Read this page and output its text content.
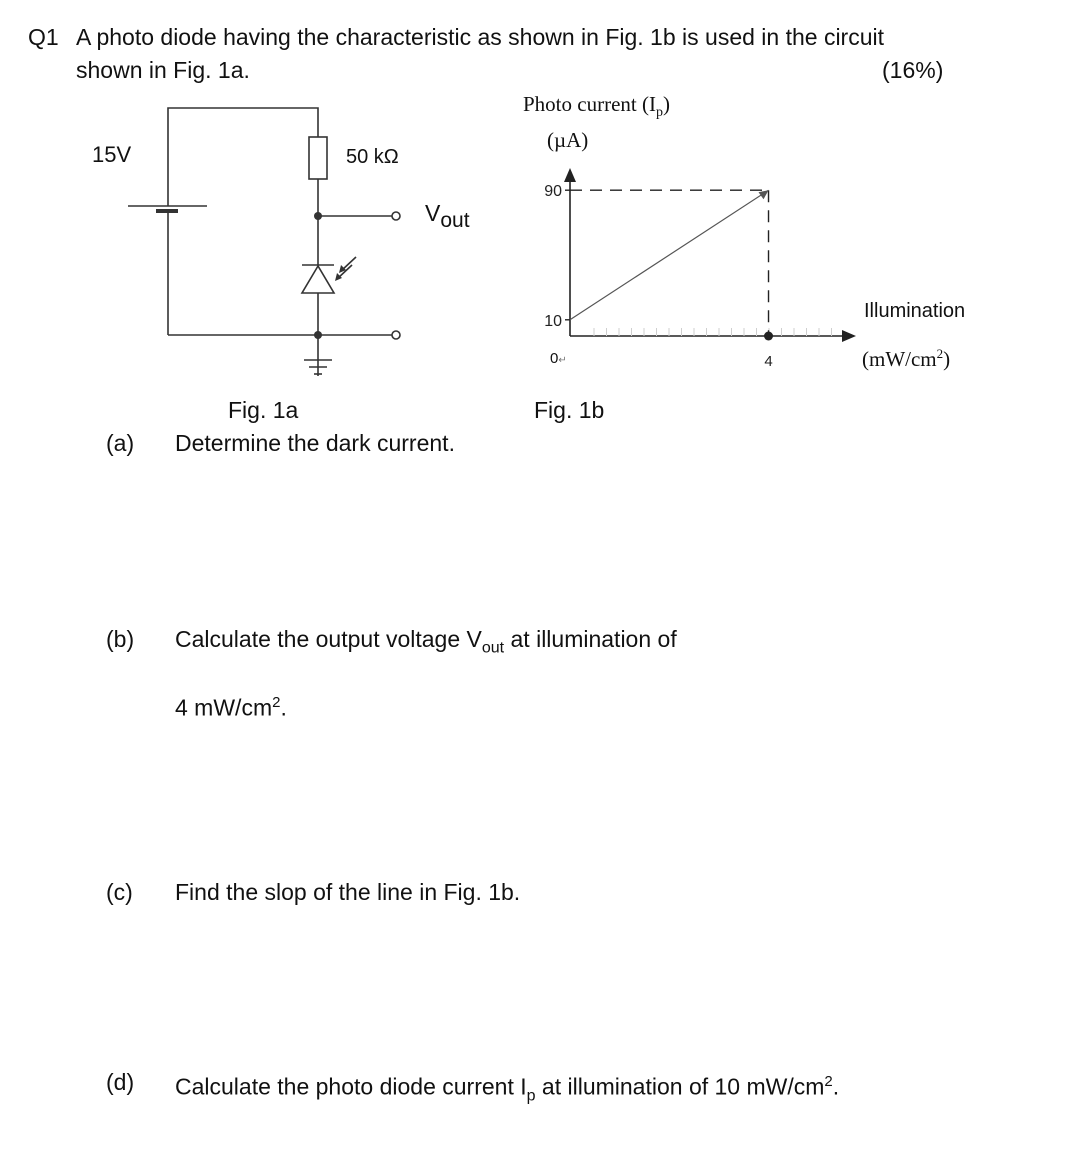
Q1 A photo diode having the characteristic as shown in Fig. 1b is used in the circuit
shown in Fig. 1a.	(16%)
15V	50 kΩ
$V_{out}$
Fig. 1a
Photo current $(I_p)$
(µA)
90
10
4
Illumination
$(mW/cm^2)$
0↵
Fig. 1b
(a) Determine the dark current.
(b) Calculate the output voltage $V_{out}$ at illumination of
4 $mW/cm^2$.
(c) Find the slop of the line in Fig. 1b.
(d) Calculate the photo diode current $I_p$ at illumination of 10 $mW/cm^2$.
